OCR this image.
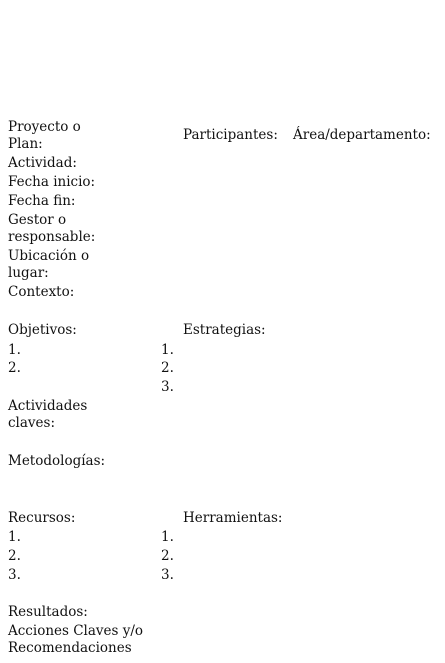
Proyecto o Plan:
Participantes: Área/departamento:
Actividad:
Fecha inicio:
Fecha fin:
Gestor o responsable:
Ubicación o lugar:
Contexto:
Objetivos:	Estrategias:
1.
2.
1.
2.
3.
Actividades claves:
Metodologías:
Recursos:	Herramientas:
1.
2.
3.
1.
2.
3.
Resultados:
Acciones Claves y/o Recomendaciones
